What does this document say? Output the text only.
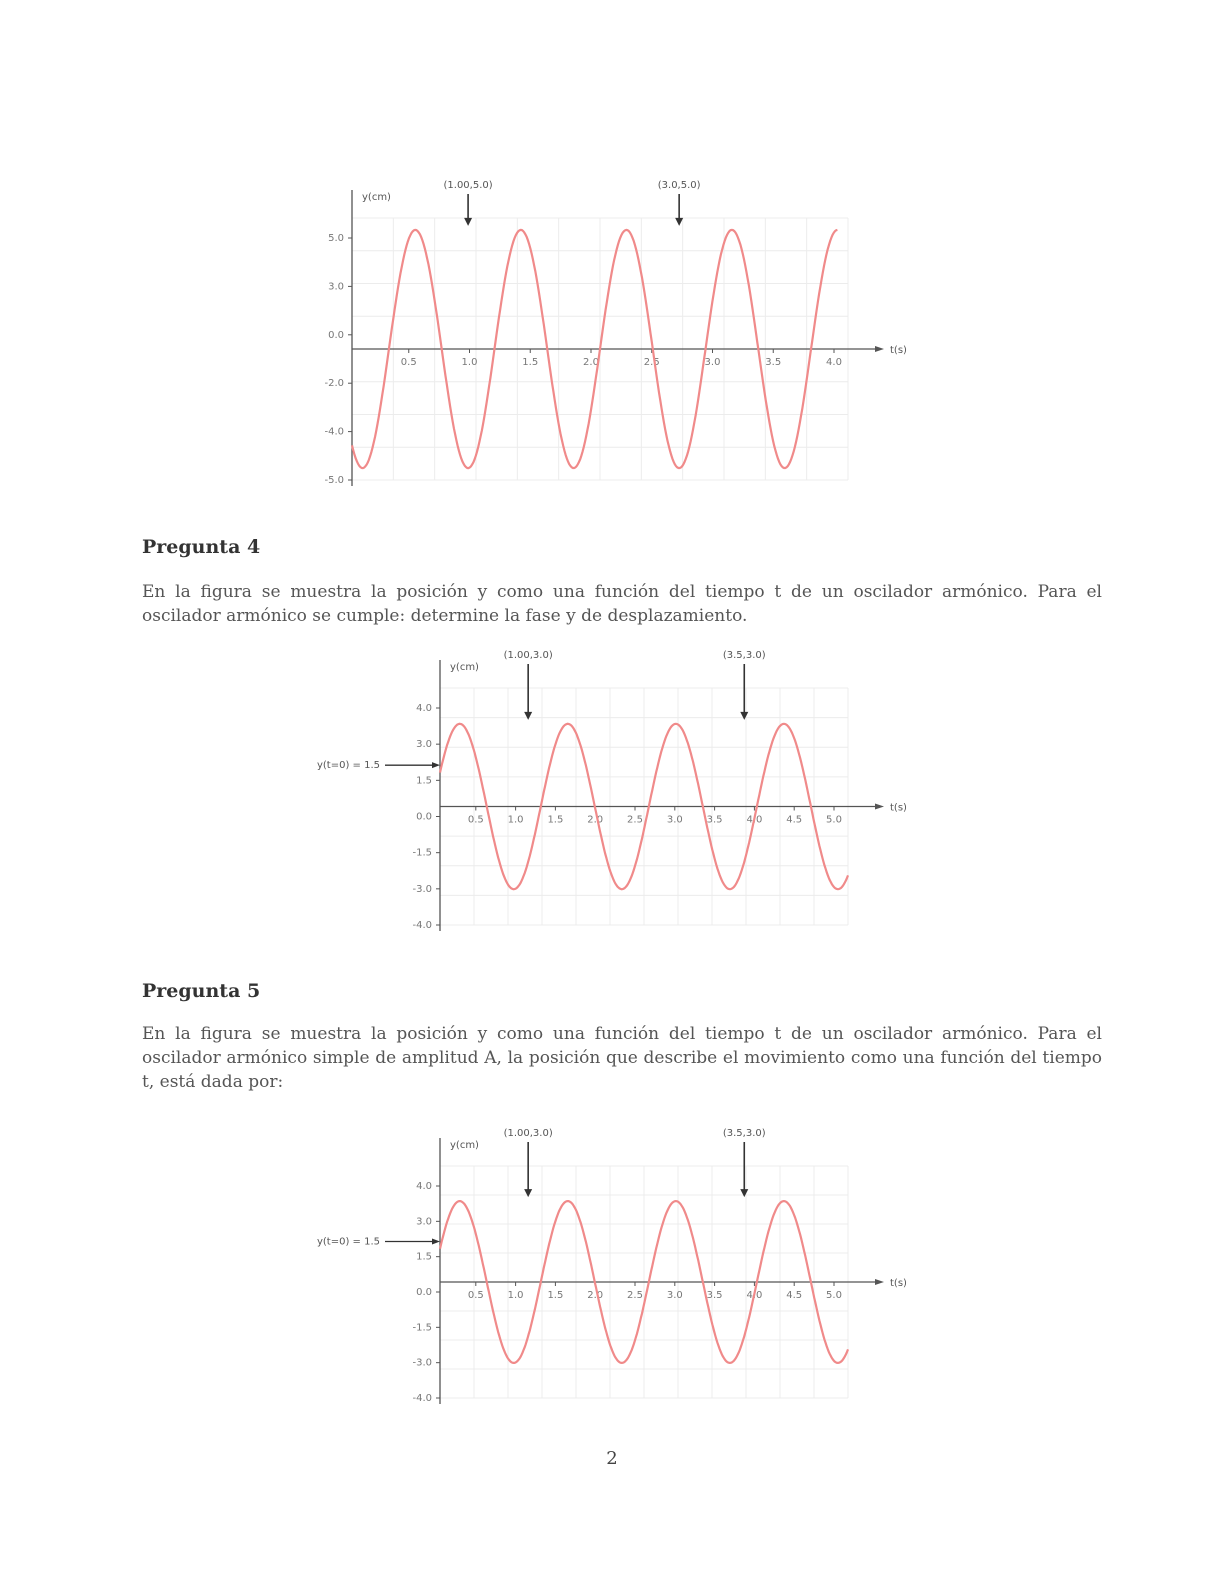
y(cm)
t(s)
5.0
3.0
0.0
-2.0
-4.0
-5.0
0.5	1.0	1.5	2.0	2.5	3.0	3.5	4.0
(1.00,5.0)	(3.0,5.0)
Pregunta 4

En la figura se muestra la posición y como una función del tiempo t de un oscilador armónico. Para el oscilador armónico se cumple: determine la fase y de desplazamiento.

y(cm)
t(s)
4.0
3.0
1.5
0.0
-1.5
-3.0
-4.0
0.5 1.0 1.5 2.0 2.5 3.0 3.5 4.0 4.5 5.0
(1.00,3.0)	(3.5,3.0)
y(t=0) = 1.5
Pregunta 5

En la figura se muestra la posición y como una función del tiempo t de un oscilador armónico. Para el oscilador armónico simple de amplitud A, la posición que describe el movimiento como una función del tiempo t, está dada por:

y(cm)
t(s)
4.0
3.0
1.5
0.0
-1.5
-3.0
-4.0
0.5 1.0 1.5 2.0 2.5 3.0 3.5 4.0 4.5 5.0
(1.00,3.0)	(3.5,3.0)
y(t=0) = 1.5
2
